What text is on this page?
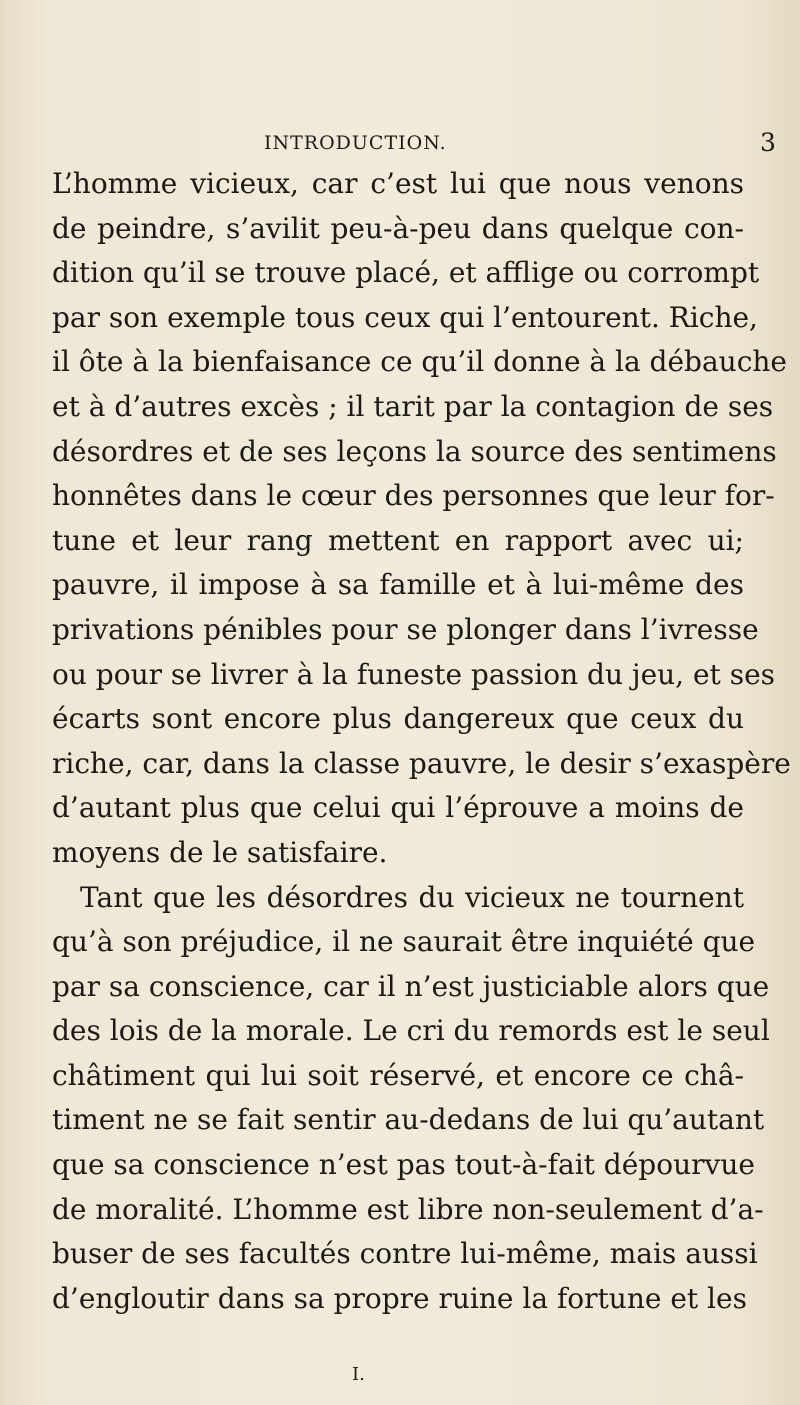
INTRODUCTION.	3
L’homme vicieux, car c’est lui que nous venons
de peindre, s’avilit peu-à-peu dans quelque con-
dition qu’il se trouve placé, et afflige ou corrompt
par son exemple tous ceux qui l’entourent. Riche,
il ôte à la bienfaisance ce qu’il donne à la débauche
et à d’autres excès ; il tarit par la contagion de ses
désordres et de ses leçons la source des sentimens
honnêtes dans le cœur des personnes que leur for-
tune et leur rang mettent en rapport avec ui;
pauvre, il impose à sa famille et à lui-même des
privations pénibles pour se plonger dans l’ivresse
ou pour se livrer à la funeste passion du jeu, et ses
écarts sont encore plus dangereux que ceux du
riche, car, dans la classe pauvre, le desir s’exaspère
d’autant plus que celui qui l’éprouve a moins de
moyens de le satisfaire.
Tant que les désordres du vicieux ne tournent
qu’à son préjudice, il ne saurait être inquiété que
par sa conscience, car il n’est justiciable alors que
des lois de la morale. Le cri du remords est le seul
châtiment qui lui soit réservé, et encore ce châ-
timent ne se fait sentir au-dedans de lui qu’autant
que sa conscience n’est pas tout-à-fait dépourvue
de moralité. L’homme est libre non-seulement d’a-
buser de ses facultés contre lui-même, mais aussi
d’engloutir dans sa propre ruine la fortune et les
I.
